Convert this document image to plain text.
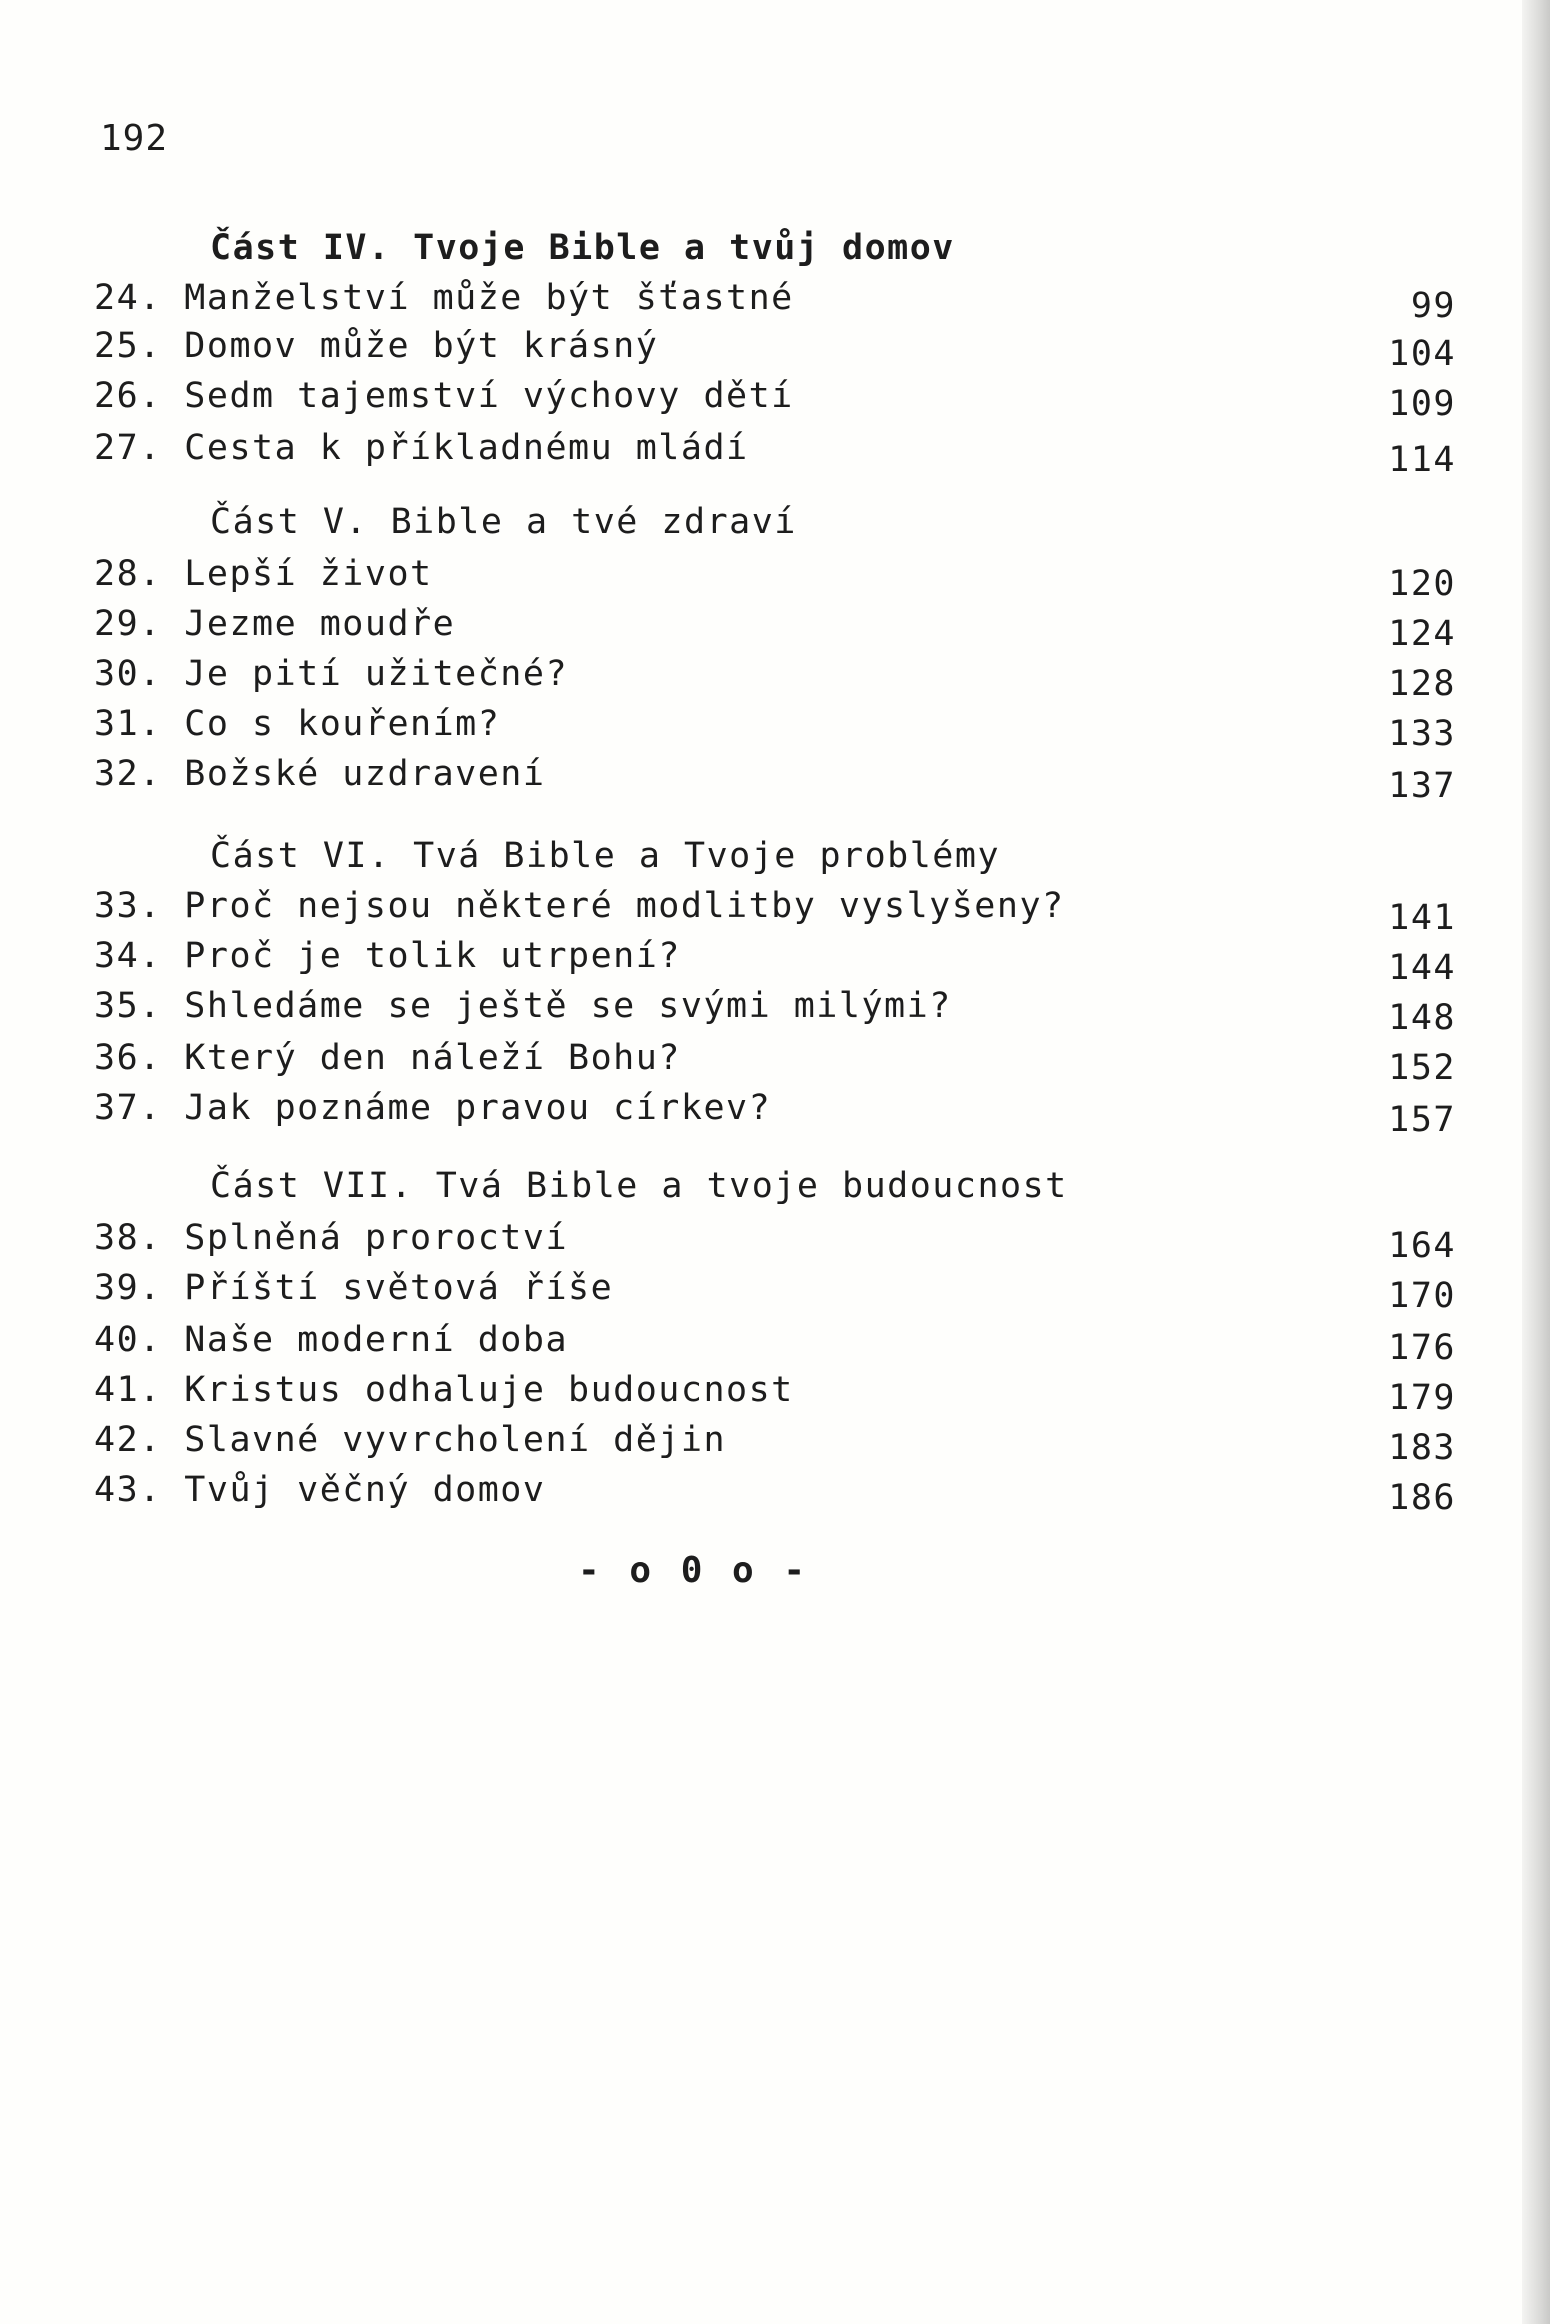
192
Část IV. Tvoje Bible a tvůj domov
24. Manželství může být šťastné	99
25. Domov může být krásný	104
26. Sedm tajemství výchovy dětí	109
27. Cesta k příkladnému mládí	114
Část V. Bible a tvé zdraví
28. Lepší život	120
29. Jezme moudře	124
30. Je pití užitečné?	128
31. Co s kouřením?	133
32. Božské uzdravení	137
Část VI. Tvá Bible a Tvoje problémy
33. Proč nejsou některé modlitby vyslyšeny?	141
34. Proč je tolik utrpení?	144
35. Shledáme se ještě se svými milými?	148
36. Který den náleží Bohu?	152
37. Jak poznáme pravou církev?	157
Část VII. Tvá Bible a tvoje budoucnost
38. Splněná proroctví	164
39. Příští světová říše	170
40. Naše moderní doba	176
41. Kristus odhaluje budoucnost	179
42. Slavné vyvrcholení dějin	183
43. Tvůj věčný domov	186
- o 0 o -
